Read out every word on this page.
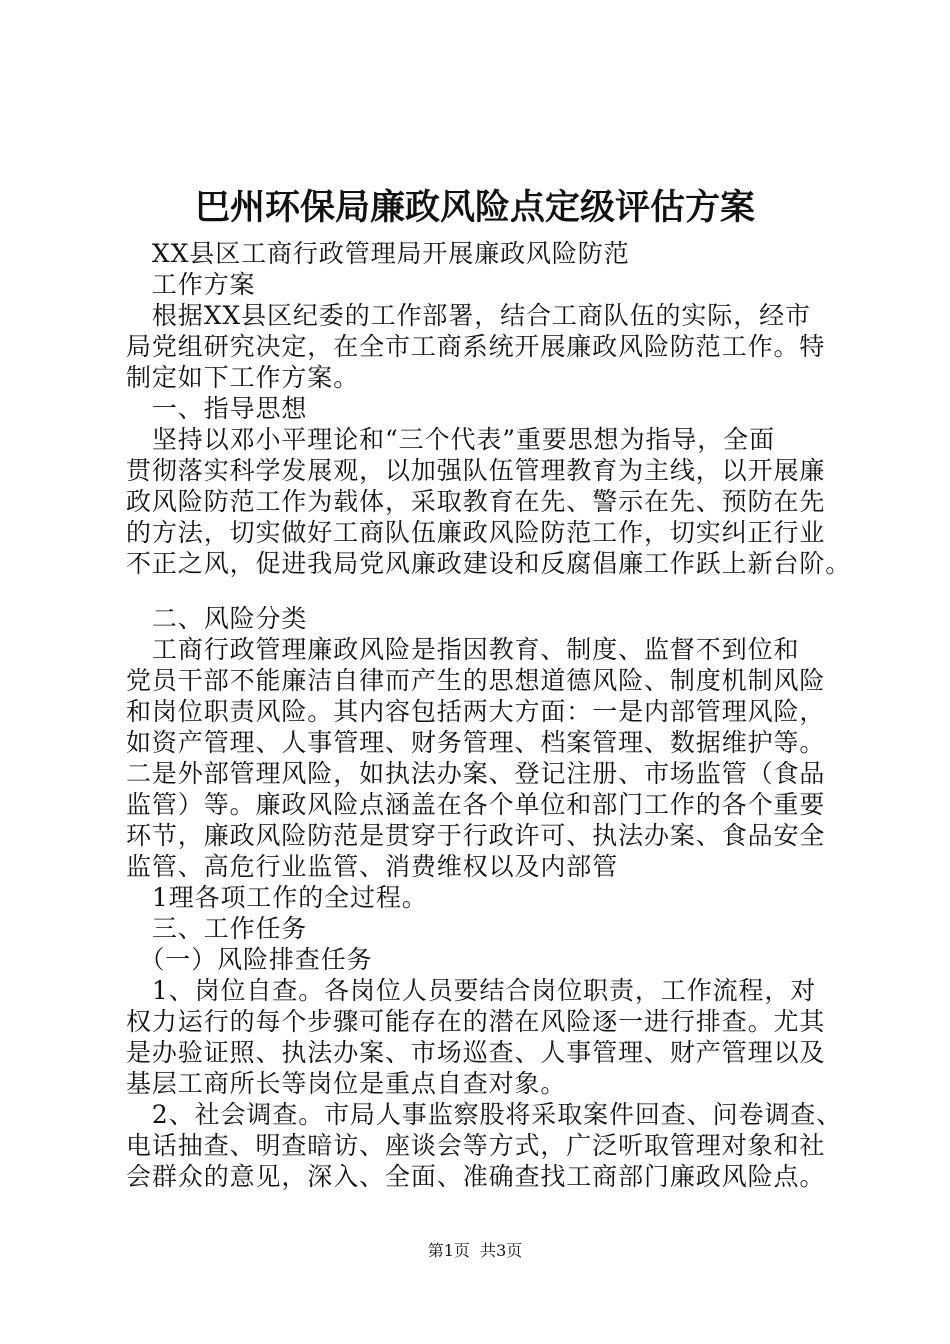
巴州环保局廉政风险点定级评估方案
　XX县区工商行政管理局开展廉政风险防范
　工作方案
　根据XX县区纪委的工作部署，结合工商队伍的实际，经市
局党组研究决定，在全市工商系统开展廉政风险防范工作。特
制定如下工作方案。
　一、指导思想
　坚持以邓小平理论和“三个代表”重要思想为指导，全面
贯彻落实科学发展观，以加强队伍管理教育为主线，以开展廉
政风险防范工作为载体，采取教育在先、警示在先、预防在先
的方法，切实做好工商队伍廉政风险防范工作，切实纠正行业
不正之风，促进我局党风廉政建设和反腐倡廉工作跃上新台阶。
　二、风险分类
　工商行政管理廉政风险是指因教育、制度、监督不到位和
党员干部不能廉洁自律而产生的思想道德风险、制度机制风险
和岗位职责风险。其内容包括两大方面：一是内部管理风险，
如资产管理、人事管理、财务管理、档案管理、数据维护等。
二是外部管理风险，如执法办案、登记注册、市场监管（食品
监管）等。廉政风险点涵盖在各个单位和部门工作的各个重要
环节，廉政风险防范是贯穿于行政许可、执法办案、食品安全
监管、高危行业监管、消费维权以及内部管
　1理各项工作的全过程。
　三、工作任务
　（一）风险排查任务
　1、岗位自查。各岗位人员要结合岗位职责，工作流程，对
权力运行的每个步骤可能存在的潜在风险逐一进行排查。尤其
是办验证照、执法办案、市场巡查、人事管理、财产管理以及
基层工商所长等岗位是重点自查对象。
　2、社会调查。市局人事监察股将采取案件回查、问卷调查、
电话抽查、明查暗访、座谈会等方式，广泛听取管理对象和社
会群众的意见，深入、全面、准确查找工商部门廉政风险点。
第1页  共3页
